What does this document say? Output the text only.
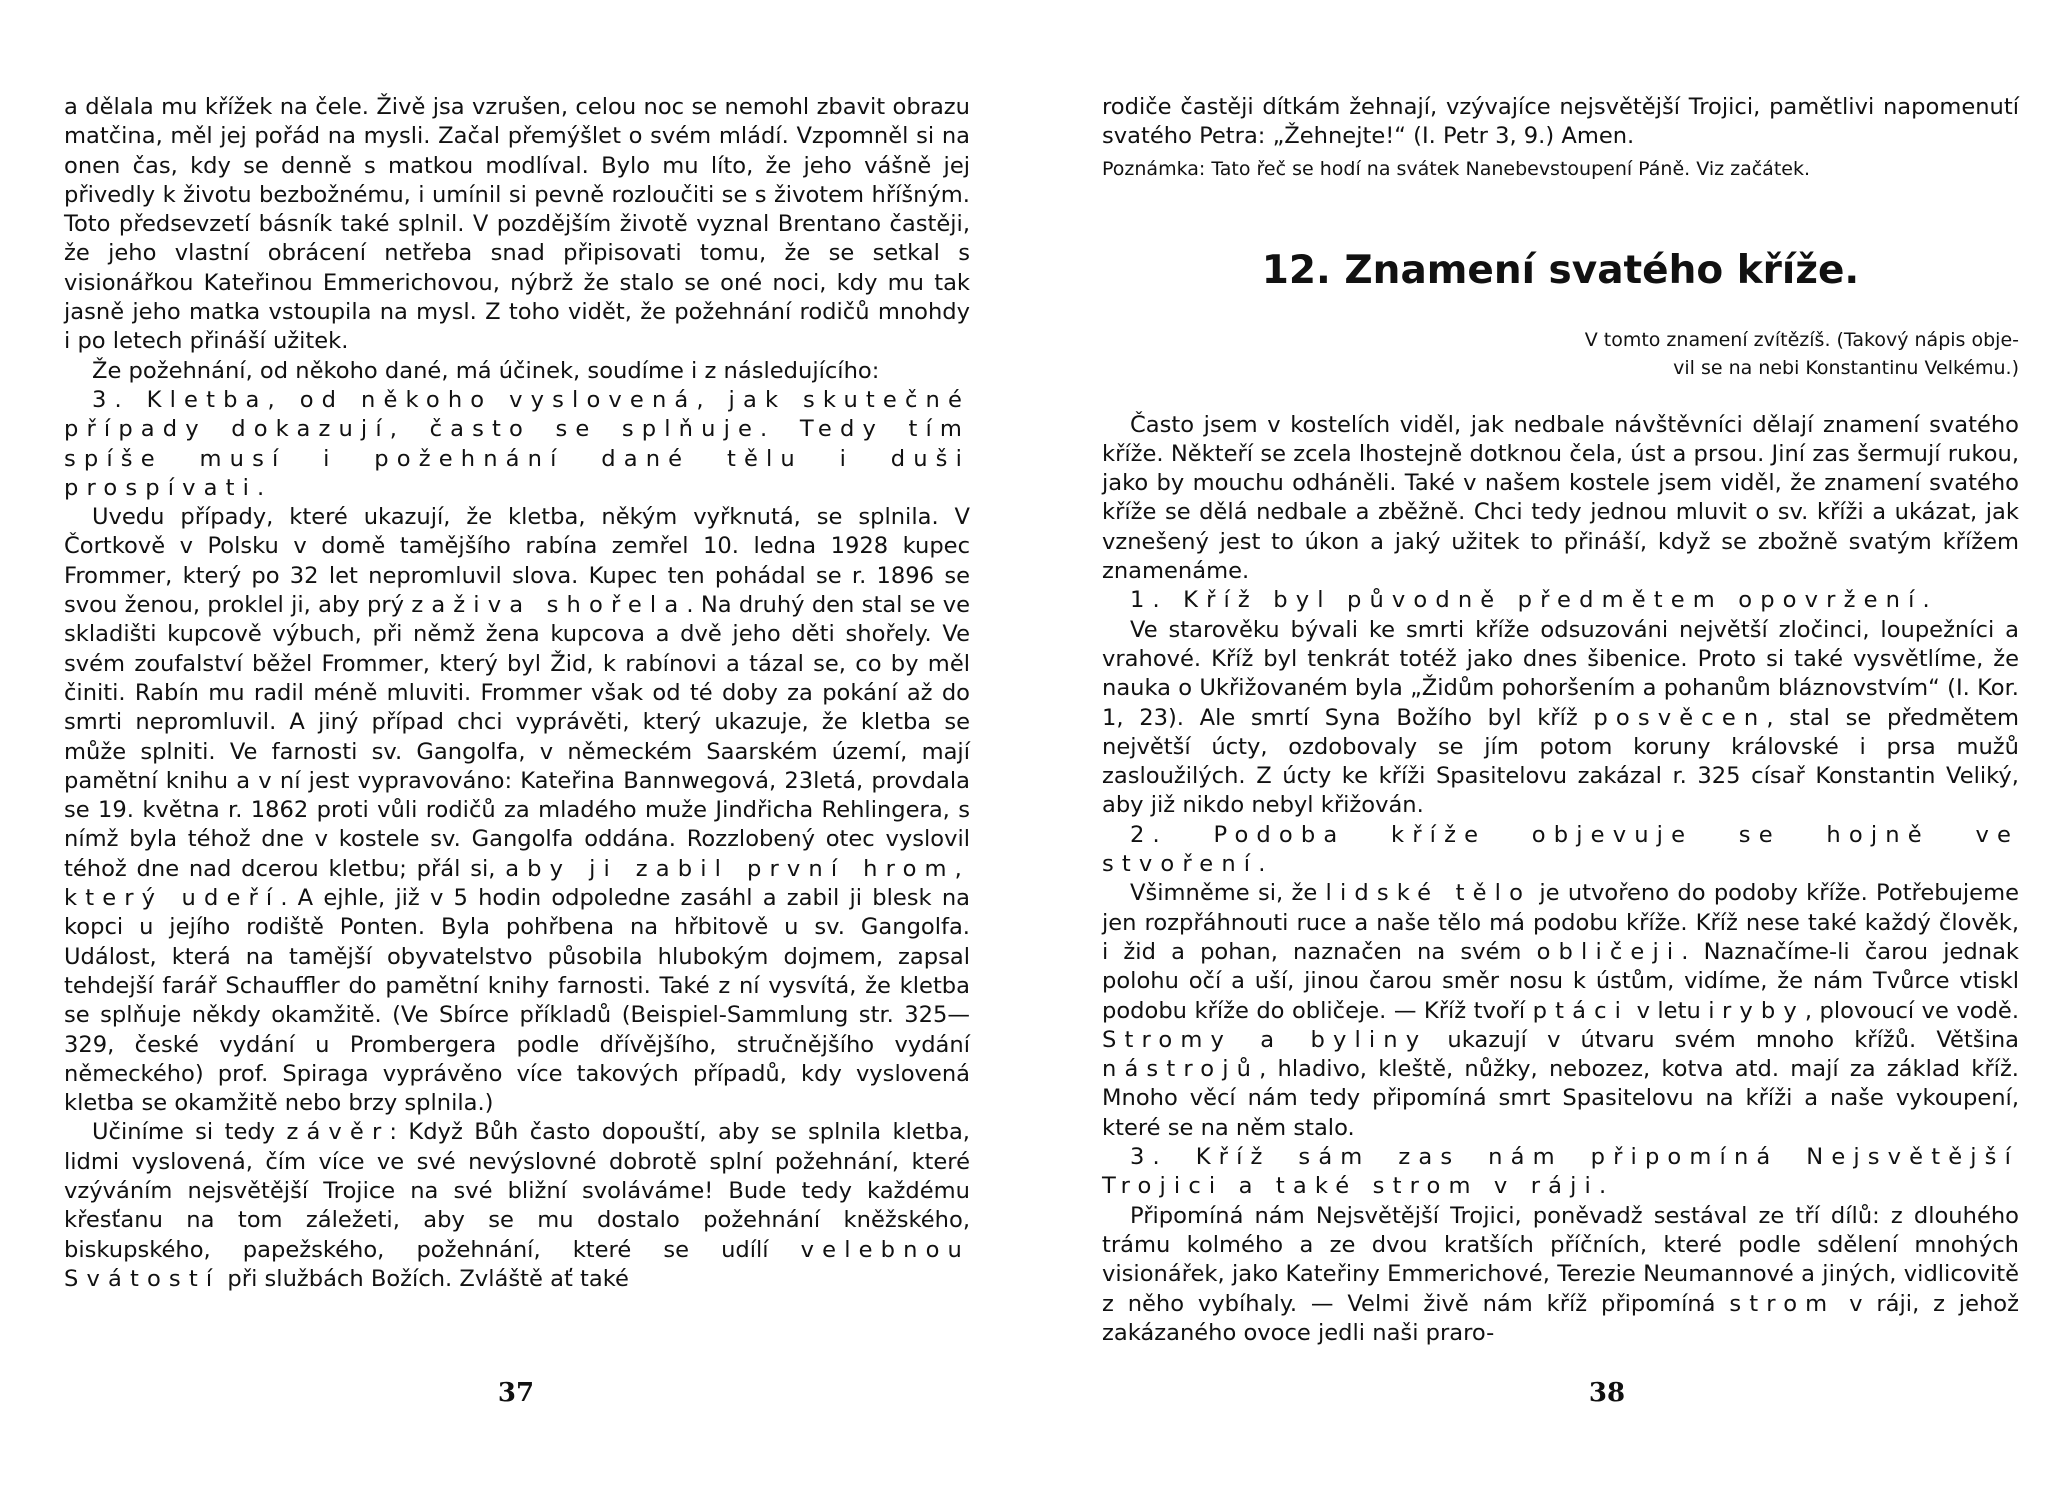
a dělala mu křížek na čele. Živě jsa vzrušen, celou noc se nemohl zbavit obrazu matčina, měl jej pořád na mysli. Začal přemýšlet o svém mládí. Vzpomněl si na onen čas, kdy se denně s matkou modlíval. Bylo mu líto, že jeho vášně jej přivedly k životu bezbožnému, i umínil si pevně rozloučiti se s životem hříšným. Toto předsevzetí básník také splnil. V pozdějším životě vyznal Brentano častěji, že jeho vlastní obrácení netřeba snad připisovati tomu, že se setkal s visionářkou Kateřinou Emmerichovou, nýbrž že stalo se oné noci, kdy mu tak jasně jeho matka vstoupila na mysl. Z toho vidět, že požehnání rodičů mnohdy i po letech přináší užitek.

Že požehnání, od někoho dané, má účinek, soudíme i z následujícího:

3. Kletba, od někoho vyslovená, jak skutečné případy dokazují, často se splňuje. Tedy tím spíše musí i požehnání dané tělu i duši prospívati.

Uvedu případy, které ukazují, že kletba, někým vyřknutá, se splnila. V Čortkově v Polsku v domě tamějšího rabína zemřel 10. ledna 1928 kupec Frommer, který po 32 let nepromluvil slova. Kupec ten pohádal se r. 1896 se svou ženou, proklel ji, aby prý zaživa shořela. Na druhý den stal se ve skladišti kupcově výbuch, při němž žena kupcova a dvě jeho děti shořely. Ve svém zoufalství běžel Frommer, který byl Žid, k rabínovi a tázal se, co by měl činiti. Rabín mu radil méně mluviti. Frommer však od té doby za pokání až do smrti nepromluvil. A jiný případ chci vyprávěti, který ukazuje, že kletba se může splniti. Ve farnosti sv. Gangolfa, v německém Saarském území, mají pamětní knihu a v ní jest vypravováno: Kateřina Bannwegová, 23letá, provdala se 19. května r. 1862 proti vůli rodičů za mladého muže Jindřicha Rehlingera, s nímž byla téhož dne v kostele sv. Gangolfa oddána. Rozzlobený otec vyslovil téhož dne nad dcerou kletbu; přál si, aby ji zabil první hrom, který udeří. A ejhle, již v 5 hodin odpoledne zasáhl a zabil ji blesk na kopci u jejího rodiště Ponten. Byla pohřbena na hřbitově u sv. Gangolfa. Událost, která na tamější obyvatelstvo působila hlubokým dojmem, zapsal tehdejší farář Schauffler do pamětní knihy farnosti. Také z ní vysvítá, že kletba se splňuje někdy okamžitě. (Ve Sbírce příkladů (Beispiel-Sammlung str. 325—329, české vydání u Prombergera podle dřívějšího, stručnějšího vydání německého) prof. Spiraga vyprávěno více takových případů, kdy vyslovená kletba se okamžitě nebo brzy splnila.)

Učiníme si tedy závěr: Když Bůh často dopouští, aby se splnila kletba, lidmi vyslovená, čím více ve své nevýslovné dobrotě splní požehnání, které vzýváním nejsvětější Trojice na své bližní svoláváme! Bude tedy každému křesťanu na tom záležeti, aby se mu dostalo požehnání kněžského, biskupského, papežského, požehnání, které se udílí velebnou Svátostí při službách Božích. Zvláště ať také

37

rodiče častěji dítkám žehnají, vzývajíce nejsvětější Trojici, pamětlivi napomenutí svatého Petra: „Žehnejte!“ (I. Petr 3, 9.) Amen.

Poznámka: Tato řeč se hodí na svátek Nanebevstoupení Páně. Viz začátek.

12. Znamení svatého kříže.
V tomto znamení zvítězíš. (Takový nápis obje-
vil se na nebi Konstantinu Velkému.)

Často jsem v kostelích viděl, jak nedbale návštěvníci dělají znamení svatého kříže. Někteří se zcela lhostejně dotknou čela, úst a prsou. Jiní zas šermují rukou, jako by mouchu odháněli. Také v našem kostele jsem viděl, že znamení svatého kříže se dělá nedbale a zběžně. Chci tedy jednou mluvit o sv. kříži a ukázat, jak vznešený jest to úkon a jaký užitek to přináší, když se zbožně svatým křížem znamenáme.

1. Kříž byl původně předmětem opovržení.

Ve starověku bývali ke smrti kříže odsuzováni největší zločinci, loupežníci a vrahové. Kříž byl tenkrát totéž jako dnes šibenice. Proto si také vysvětlíme, že nauka o Ukřižovaném byla „Židům pohoršením a pohanům bláznovstvím“ (I. Kor. 1, 23). Ale smrtí Syna Božího byl kříž posvěcen, stal se předmětem největší úcty, ozdobovaly se jím potom koruny královské i prsa mužů zasloužilých. Z úcty ke kříži Spasitelovu zakázal r. 325 císař Konstantin Veliký, aby již nikdo nebyl křižován.

2. Podoba kříže objevuje se hojně ve stvoření.

Všimněme si, že lidské tělo je utvořeno do podoby kříže. Potřebujeme jen rozpřáhnouti ruce a naše tělo má podobu kříže. Kříž nese také každý člověk, i žid a pohan, naznačen na svém obličeji. Naznačíme-li čarou jednak polohu očí a uší, jinou čarou směr nosu k ústům, vidíme, že nám Tvůrce vtiskl podobu kříže do obličeje. — Kříž tvoří ptáci v letu i ryby, plovoucí ve vodě. Stromy a byliny ukazují v útvaru svém mnoho křížů. Většina nástrojů, hladivo, kleště, nůžky, nebozez, kotva atd. mají za základ kříž. Mnoho věcí nám tedy připomíná smrt Spasitelovu na kříži a naše vykoupení, které se na něm stalo.

3. Kříž sám zas nám připomíná Nejsvětější Trojici a také strom v ráji.

Připomíná nám Nejsvětější Trojici, poněvadž sestával ze tří dílů: z dlouhého trámu kolmého a ze dvou kratších příčních, které podle sdělení mnohých visionářek, jako Kateřiny Emmerichové, Terezie Neumannové a jiných, vidlicovitě z něho vybíhaly. — Velmi živě nám kříž připomíná strom v ráji, z jehož zakázaného ovoce jedli naši praro-

38
